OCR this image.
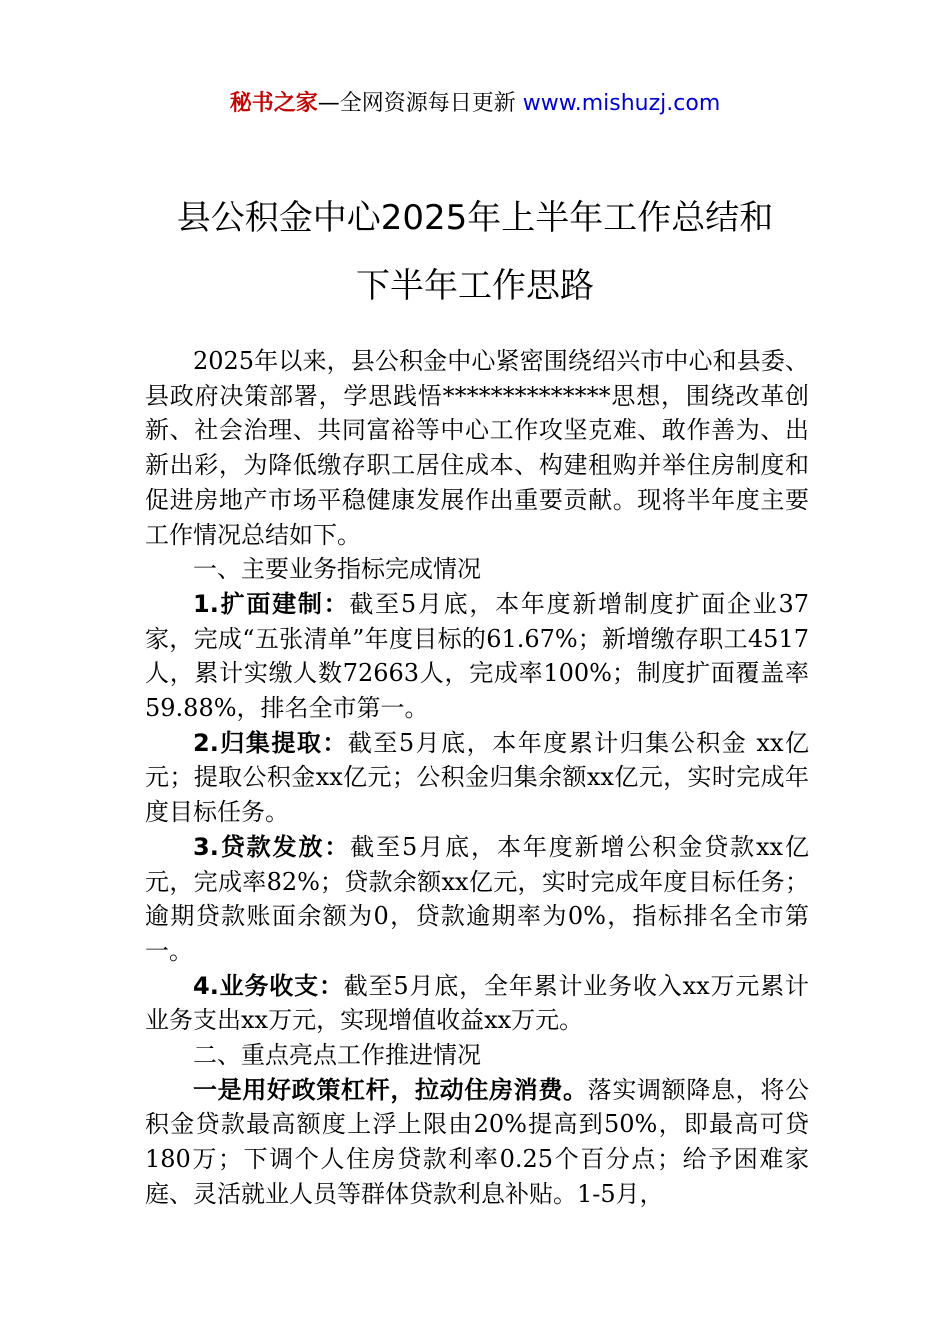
秘书之家—全网资源每日更新 www.mishuzj.com
县公积金中心2025年上半年工作总结和
下半年工作思路

2025年以来，县公积金中心紧密围绕绍兴市中心和县委、县政府决策部署，学思践悟**************思想，围绕改革创新、社会治理、共同富裕等中心工作攻坚克难、敢作善为、出新出彩，为降低缴存职工居住成本、构建租购并举住房制度和促进房地产市场平稳健康发展作出重要贡献。现将半年度主要工作情况总结如下。

一、主要业务指标完成情况

1.扩面建制：截至5月底，本年度新增制度扩面企业37家，完成“五张清单”年度目标的61.67%；新增缴存职工4517人，累计实缴人数72663人，完成率100%；制度扩面覆盖率59.88%，排名全市第一。

2.归集提取：截至5月底，本年度累计归集公积金 xx亿元；提取公积金xx亿元；公积金归集余额xx亿元，实时完成年度目标任务。

3.贷款发放：截至5月底，本年度新增公积金贷款xx亿元，完成率82%；贷款余额xx亿元，实时完成年度目标任务；逾期贷款账面余额为0，贷款逾期率为0%，指标排名全市第一。

4.业务收支：截至5月底，全年累计业务收入xx万元累计业务支出xx万元，实现增值收益xx万元。

二、重点亮点工作推进情况

一是用好政策杠杆，拉动住房消费。落实调额降息，将公积金贷款最高额度上浮上限由20%提高到50%，即最高可贷180万；下调个人住房贷款利率0.25个百分点；给予困难家庭、灵活就业人员等群体贷款利息补贴。1-5月，
